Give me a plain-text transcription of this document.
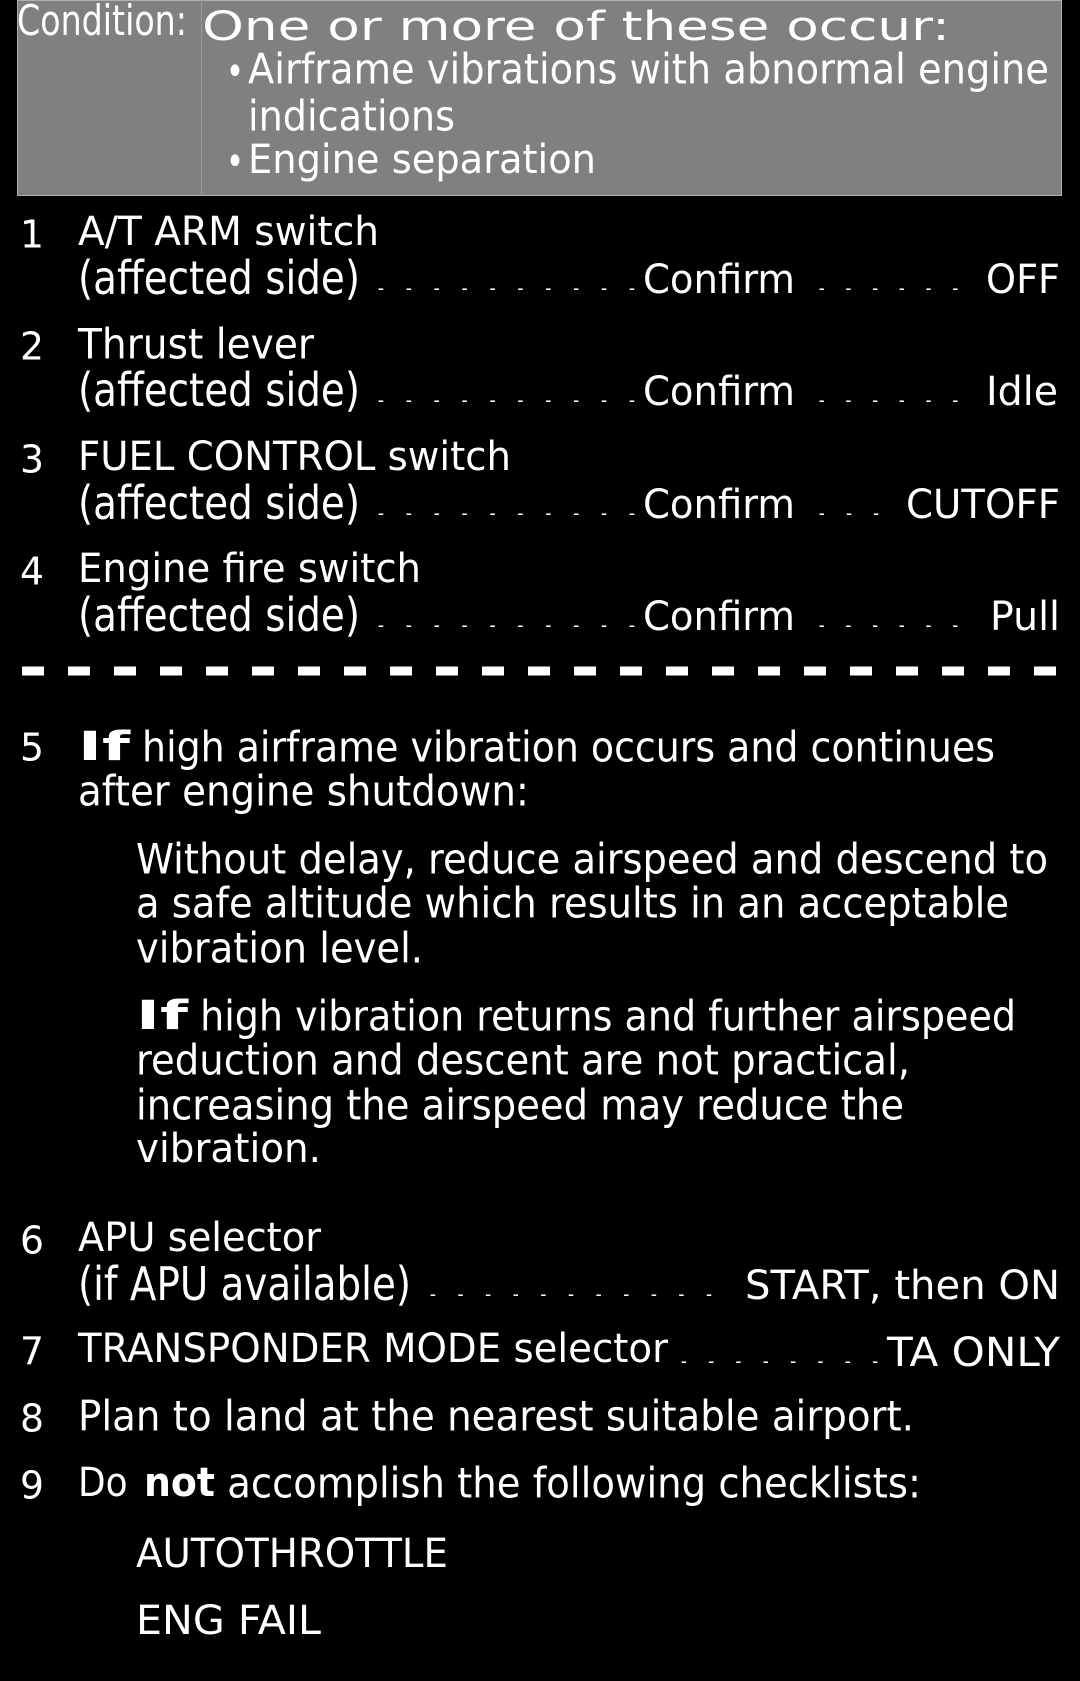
Condition: One or more of these occur:
• Airframe vibrations with abnormal engine
indications
• Engine separation
1 A/T ARM switch
(affected side) . . . . . . . . . . Confirm . . . . . . OFF
2 Thrust lever
(affected side) . . . . . . . . . . Confirm . . . . . . Idle
3 FUEL CONTROL switch
(affected side) . . . . . . . . . . Confirm . . . CUTOFF
4 Engine fire switch
(affected side) . . . . . . . . . . Confirm . . . . . . Pull
5 If high airframe vibration occurs and continues
after engine shutdown:
Without delay, reduce airspeed and descend to
a safe altitude which results in an acceptable
vibration level.
If high vibration returns and further airspeed
reduction and descent are not practical,
increasing the airspeed may reduce the
vibration.
6 APU selector
(if APU available) . . . . . . . . . . . START, then ON
7 TRANSPONDER MODE selector . . . . . . . . TA ONLY
8 Plan to land at the nearest suitable airport.
9 Do not accomplish the following checklists:
AUTOTHROTTLE
ENG FAIL
